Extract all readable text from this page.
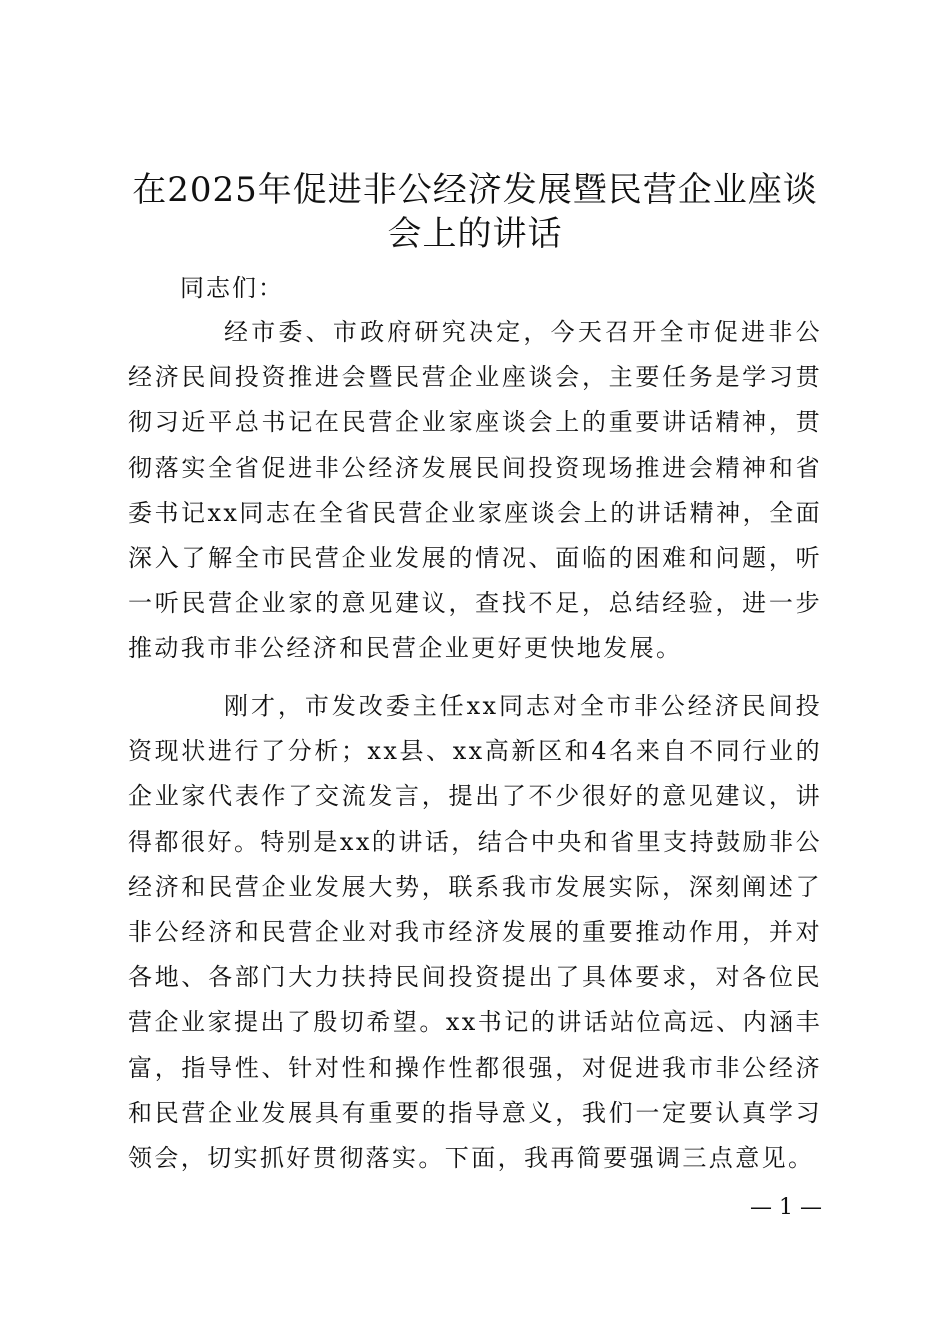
在2025年促进非公经济发展暨民营企业座谈会上的讲话

同志们：

经市委、市政府研究决定，今天召开全市促进非公经济民间投资推进会暨民营企业座谈会，主要任务是学习贯彻习近平总书记在民营企业家座谈会上的重要讲话精神，贯彻落实全省促进非公经济发展民间投资现场推进会精神和省委书记xx同志在全省民营企业家座谈会上的讲话精神，全面深入了解全市民营企业发展的情况、面临的困难和问题，听一听民营企业家的意见建议，查找不足，总结经验，进一步推动我市非公经济和民营企业更好更快地发展。

刚才，市发改委主任xx同志对全市非公经济民间投资现状进行了分析；xx县、xx高新区和4名来自不同行业的企业家代表作了交流发言，提出了不少很好的意见建议，讲得都很好。特别是xx的讲话，结合中央和省里支持鼓励非公经济和民营企业发展大势，联系我市发展实际，深刻阐述了非公经济和民营企业对我市经济发展的重要推动作用，并对各地、各部门大力扶持民间投资提出了具体要求，对各位民营企业家提出了殷切希望。xx书记的讲话站位高远、内涵丰富，指导性、针对性和操作性都很强，对促进我市非公经济和民营企业发展具有重要的指导意义，我们一定要认真学习领会，切实抓好贯彻落实。下面，我再简要强调三点意见。

— 1 —
